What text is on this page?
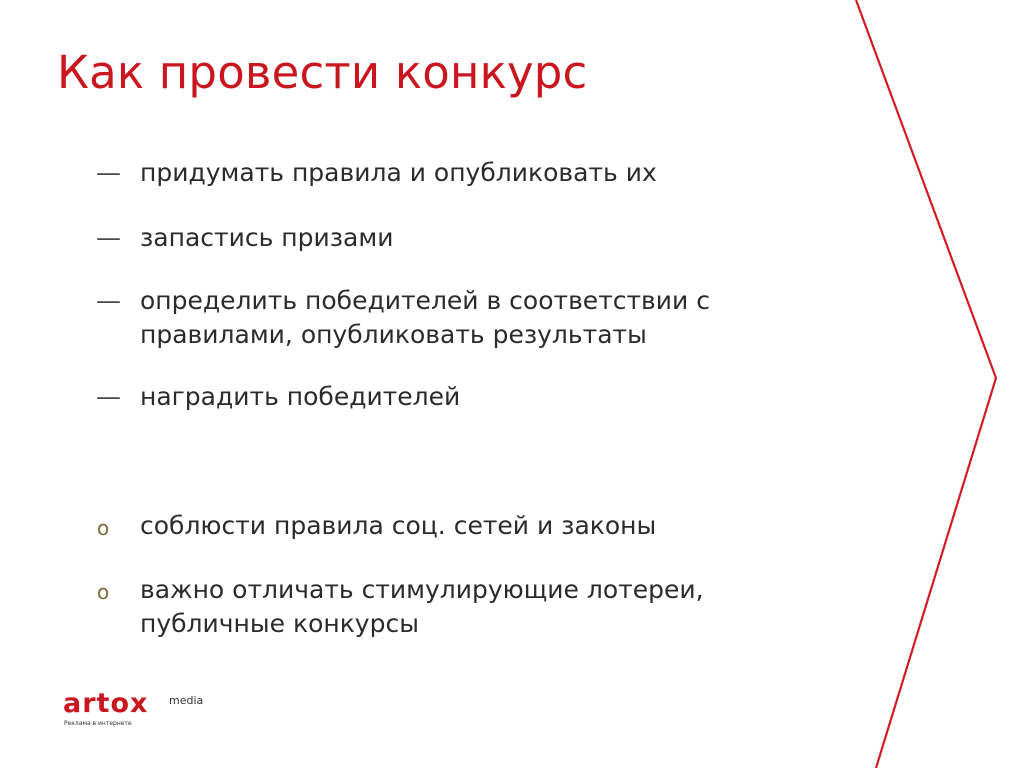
Как провести конкурс
— придумать правила и опубликовать их
— запастись призами
— определить победителей в соответствии с правилами, опубликовать результаты
— наградить победителей
o	соблюсти правила соц. сетей и законы
o	важно отличать стимулирующие лотереи, публичные конкурсы
artox media
Реклама в интернете
